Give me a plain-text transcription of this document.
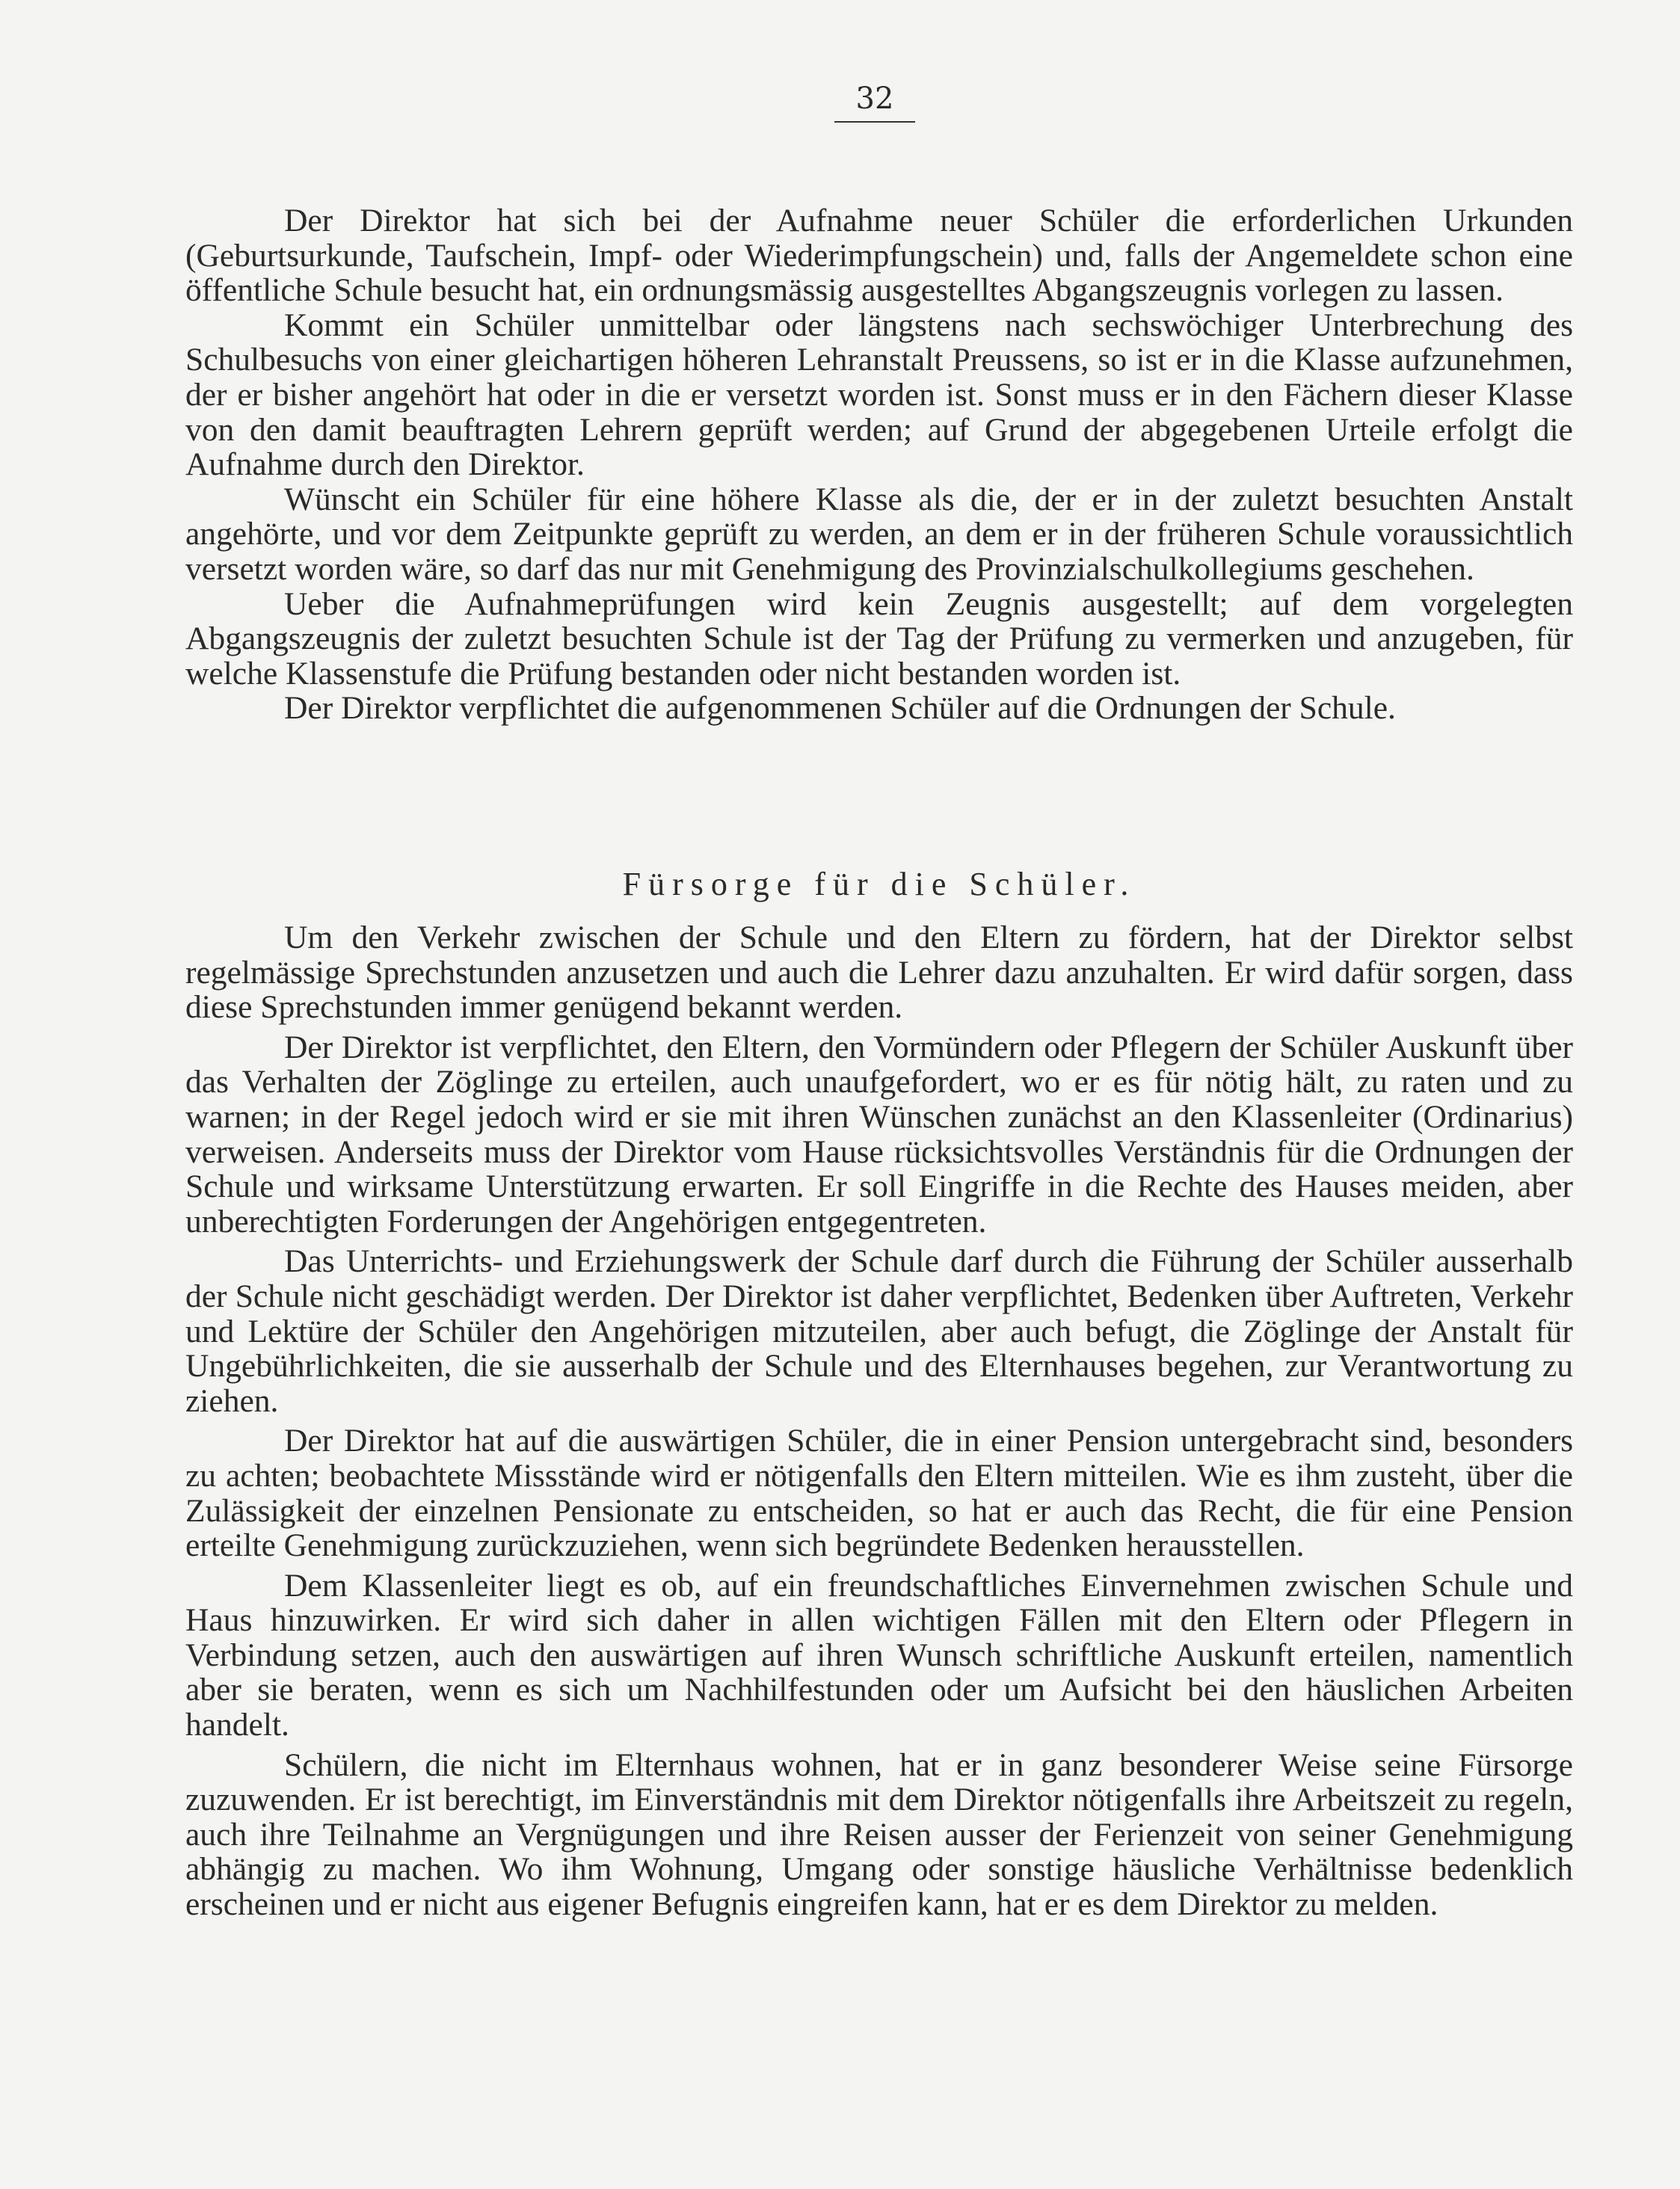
32

Der Direktor hat sich bei der Aufnahme neuer Schüler die erforderlichen Urkunden (Geburtsurkunde, Taufschein, Impf- oder Wiederimpfungschein) und, falls der Angemeldete schon eine öffentliche Schule besucht hat, ein ordnungsmässig ausgestelltes Abgangszeugnis vorlegen zu lassen.

Kommt ein Schüler unmittelbar oder längstens nach sechswöchiger Unterbrechung des Schulbesuchs von einer gleichartigen höheren Lehranstalt Preussens, so ist er in die Klasse aufzunehmen, der er bisher angehört hat oder in die er versetzt worden ist. Sonst muss er in den Fächern dieser Klasse von den damit beauftragten Lehrern geprüft werden; auf Grund der abgegebenen Urteile erfolgt die Aufnahme durch den Direktor.

Wünscht ein Schüler für eine höhere Klasse als die, der er in der zuletzt besuchten Anstalt angehörte, und vor dem Zeitpunkte geprüft zu werden, an dem er in der früheren Schule voraussichtlich versetzt worden wäre, so darf das nur mit Genehmigung des Provinzialschulkollegiums geschehen.

Ueber die Aufnahmeprüfungen wird kein Zeugnis ausgestellt; auf dem vorgelegten Abgangszeugnis der zuletzt besuchten Schule ist der Tag der Prüfung zu vermerken und anzugeben, für welche Klassenstufe die Prüfung bestanden oder nicht bestanden worden ist.

Der Direktor verpflichtet die aufgenommenen Schüler auf die Ordnungen der Schule.

Fürsorge für die Schüler.

Um den Verkehr zwischen der Schule und den Eltern zu fördern, hat der Direktor selbst regelmässige Sprechstunden anzusetzen und auch die Lehrer dazu anzuhalten. Er wird dafür sorgen, dass diese Sprechstunden immer genügend bekannt werden.

Der Direktor ist verpflichtet, den Eltern, den Vormündern oder Pflegern der Schüler Auskunft über das Verhalten der Zöglinge zu erteilen, auch unaufgefordert, wo er es für nötig hält, zu raten und zu warnen; in der Regel jedoch wird er sie mit ihren Wünschen zunächst an den Klassenleiter (Ordinarius) verweisen. Anderseits muss der Direktor vom Hause rücksichtsvolles Verständnis für die Ordnungen der Schule und wirksame Unterstützung erwarten. Er soll Eingriffe in die Rechte des Hauses meiden, aber unberechtigten Forderungen der Angehörigen entgegentreten.

Das Unterrichts- und Erziehungswerk der Schule darf durch die Führung der Schüler ausserhalb der Schule nicht geschädigt werden. Der Direktor ist daher verpflichtet, Bedenken über Auftreten, Verkehr und Lektüre der Schüler den Angehörigen mitzuteilen, aber auch befugt, die Zöglinge der Anstalt für Ungebührlichkeiten, die sie ausserhalb der Schule und des Elternhauses begehen, zur Verantwortung zu ziehen.

Der Direktor hat auf die auswärtigen Schüler, die in einer Pension untergebracht sind, besonders zu achten; beobachtete Missstände wird er nötigenfalls den Eltern mitteilen. Wie es ihm zusteht, über die Zulässigkeit der einzelnen Pensionate zu entscheiden, so hat er auch das Recht, die für eine Pension erteilte Genehmigung zurückzuziehen, wenn sich begründete Bedenken herausstellen.

Dem Klassenleiter liegt es ob, auf ein freundschaftliches Einvernehmen zwischen Schule und Haus hinzuwirken. Er wird sich daher in allen wichtigen Fällen mit den Eltern oder Pflegern in Verbindung setzen, auch den auswärtigen auf ihren Wunsch schriftliche Auskunft erteilen, namentlich aber sie beraten, wenn es sich um Nachhilfestunden oder um Aufsicht bei den häuslichen Arbeiten handelt.

Schülern, die nicht im Elternhaus wohnen, hat er in ganz besonderer Weise seine Fürsorge zuzuwenden. Er ist berechtigt, im Einverständnis mit dem Direktor nötigenfalls ihre Arbeitszeit zu regeln, auch ihre Teilnahme an Vergnügungen und ihre Reisen ausser der Ferienzeit von seiner Genehmigung abhängig zu machen. Wo ihm Wohnung, Umgang oder sonstige häusliche Verhältnisse bedenklich erscheinen und er nicht aus eigener Befugnis eingreifen kann, hat er es dem Direktor zu melden.
